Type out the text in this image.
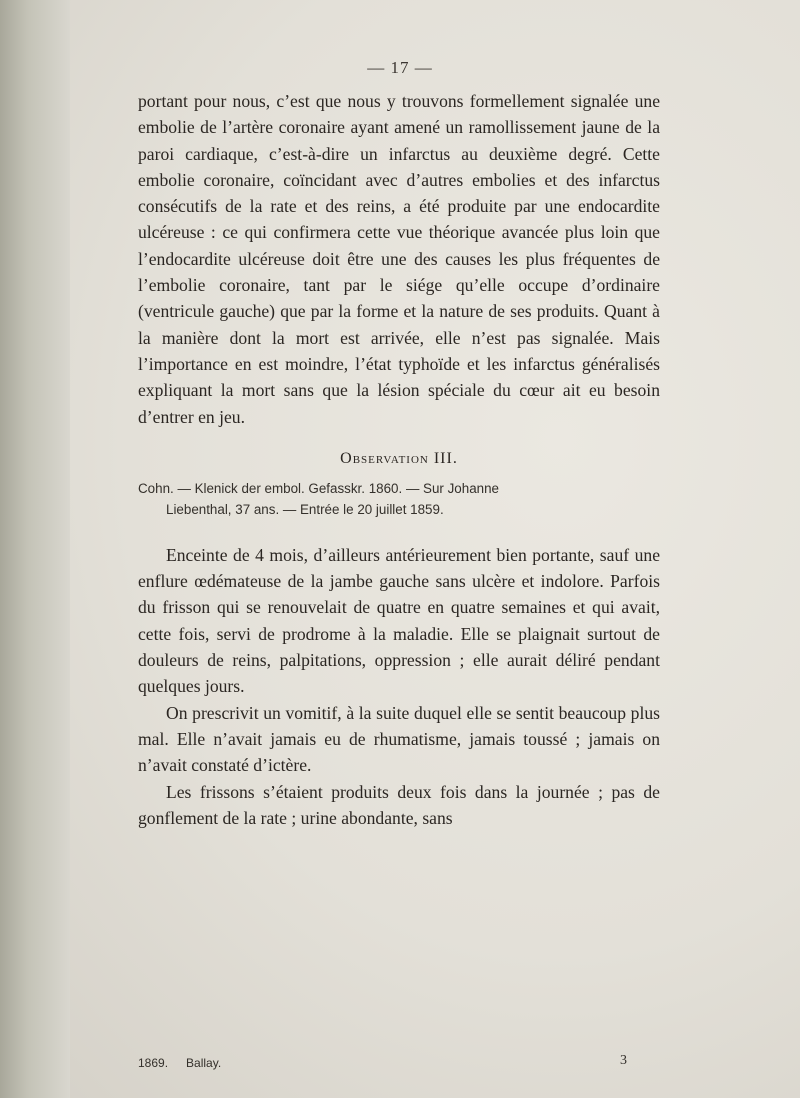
— 17 —

portant pour nous, c’est que nous y trouvons formellement signalée une embolie de l’artère coronaire ayant amené un ramollissement jaune de la paroi cardiaque, c’est-à-dire un infarctus au deuxième degré. Cette embolie coronaire, coïncidant avec d’autres embolies et des infarctus consécutifs de la rate et des reins, a été produite par une endocardite ulcéreuse : ce qui confirmera cette vue théorique avancée plus loin que l’endocardite ulcéreuse doit être une des causes les plus fréquentes de l’embolie coronaire, tant par le siége qu’elle occupe d’ordinaire (ventricule gauche) que par la forme et la nature de ses produits. Quant à la manière dont la mort est arrivée, elle n’est pas signalée. Mais l’importance en est moindre, l’état typhoïde et les infarctus généralisés expliquant la mort sans que la lésion spéciale du cœur ait eu besoin d’entrer en jeu.

Observation III.

Cohn. — Klenick der embol. Gefasskr. 1860. — Sur Johanne

Liebenthal, 37 ans. — Entrée le 20 juillet 1859.

Enceinte de 4 mois, d’ailleurs antérieurement bien portante, sauf une enflure œdémateuse de la jambe gauche sans ulcère et indolore. Parfois du frisson qui se renouvelait de quatre en quatre semaines et qui avait, cette fois, servi de prodrome à la maladie. Elle se plaignait surtout de douleurs de reins, palpitations, oppression ; elle aurait déliré pendant quelques jours.

On prescrivit un vomitif, à la suite duquel elle se sentit beaucoup plus mal. Elle n’avait jamais eu de rhumatisme, jamais toussé ; jamais on n’avait constaté d’ictère.

Les frissons s’étaient produits deux fois dans la journée ; pas de gonflement de la rate ; urine abondante, sans

1869. Ballay.	3
